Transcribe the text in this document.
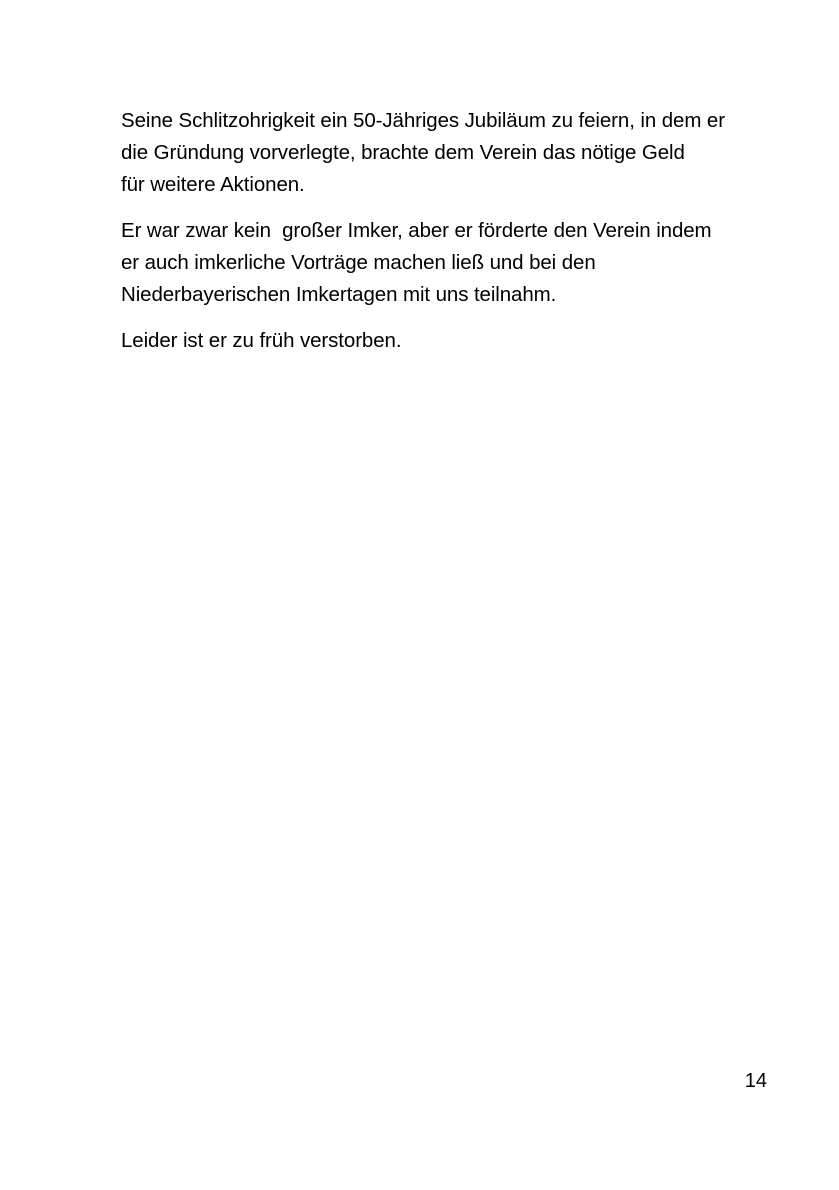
Seine Schlitzohrigkeit ein 50-Jähriges Jubiläum zu feiern, in dem er
die Gründung vorverlegte, brachte dem Verein das nötige Geld
für weitere Aktionen.

Er war zwar kein  großer Imker, aber er förderte den Verein indem
er auch imkerliche Vorträge machen ließ und bei den
Niederbayerischen Imkertagen mit uns teilnahm.

Leider ist er zu früh verstorben.

14
